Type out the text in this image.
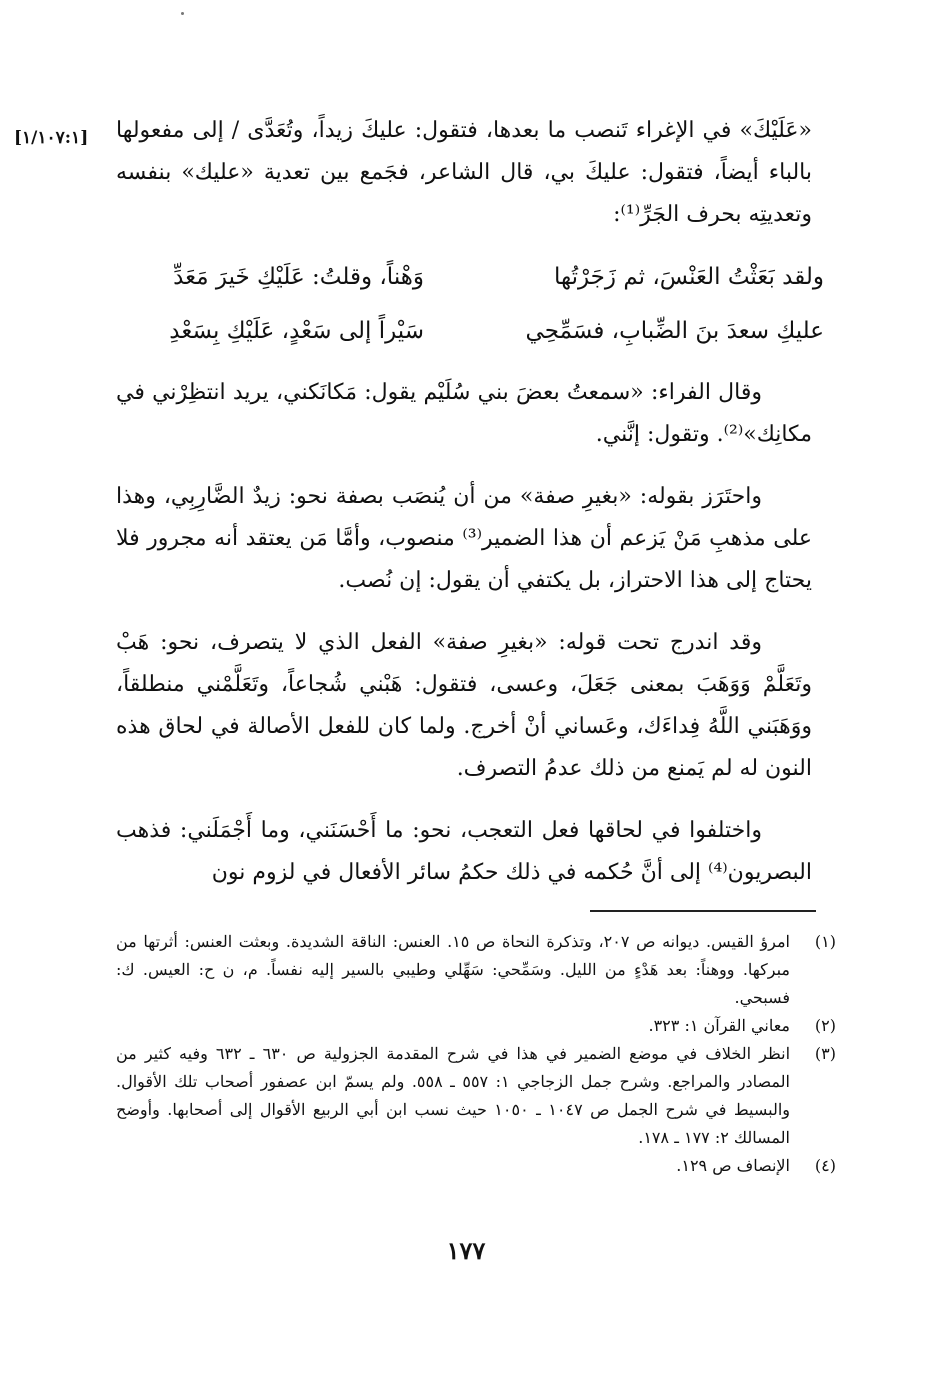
[١/١٠٧:١]	«عَلَيْكَ» في الإغراء تَنصب ما بعدها، فتقول: عليكَ زيداً، وتُعَدَّى / إلى مفعولها بالباء أيضاً، فتقول: عليكَ بي، قال الشاعر، فجَمع بين تعدية «عليك» بنفسه وتعديتِه بحرف الجَرِّ⁽¹⁾:

ولقد بَعَثْتُ العَنْسَ، ثم زَجَرْتُها
وَهْناً، وقلتُ: عَلَيْكِ خَيرَ مَعَدِّ
عليكِ سعدَ بنَ الضِّبابِ، فسَمِّحِي
سَيْراً إلى سَعْدٍ، عَلَيْكِ بِسَعْدِ

وقال الفراء: «سمعتُ بعضَ بني سُلَيْم يقول: مَكانَكني، يريد انتظِرْني في مكانِك»⁽²⁾. وتقول: إنَّني.

واحتَرَز بقوله: «بغيرِ صفة» من أن يُنصَب بصفة نحو: زيدٌ الضَّارِبِي، وهذا على مذهبِ مَنْ يَزعم أن هذا الضمير⁽³⁾ منصوب، وأمَّا مَن يعتقد أنه مجرور فلا يحتاج إلى هذا الاحتراز، بل يكتفي أن يقول: إن نُصب.

وقد اندرج تحت قوله: «بغيرِ صفة» الفعل الذي لا يتصرف، نحو: هَبْ وتَعَلَّمْ وَوَهَبَ بمعنى جَعَلَ، وعسى، فتقول: هَبْني شُجاعاً، وتَعَلَّمْني منطلقاً، ووَهَبَني اللَّهُ فِداءَك، وعَساني أنْ أخرج. ولما كان للفعل الأصالة في لحاق هذه النون له لم يَمنع من ذلك عدمُ التصرف.

واختلفوا في لحاقها فعل التعجب، نحو: ما أَحْسَنَني، وما أَجْمَلَني: فذهب البصريون⁽⁴⁾ إلى أنَّ حُكمه في ذلك حكمُ سائر الأفعال في لزوم نون

(١)
امرؤ القيس. ديوانه ص ٢٠٧، وتذكرة النحاة ص ١٥. العنس: الناقة الشديدة. وبعثت العنس: أثرتها من مبركها. ووهناً: بعد هَدْءٍ من الليل. وسَمِّحي: سَهِّلي وطيبي بالسير إليه نفساً. م، ن ح: العيس. ك: فسبحي.
(٢)
معاني القرآن ١: ٣٢٣.
(٣)
انظر الخلاف في موضع الضمير في هذا في شرح المقدمة الجزولية ص ٦٣٠ ـ ٦٣٢ وفيه كثير من المصادر والمراجع. وشرح جمل الزجاجي ١: ٥٥٧ ـ ٥٥٨. ولم يسمّ ابن عصفور أصحاب تلك الأقوال. والبسيط في شرح الجمل ص ١٠٤٧ ـ ١٠٥٠ حيث نسب ابن أبي الربيع الأقوال إلى أصحابها. وأوضح المسالك ٢: ١٧٧ ـ ١٧٨.
(٤)
الإنصاف ص ١٢٩.
١٧٧
